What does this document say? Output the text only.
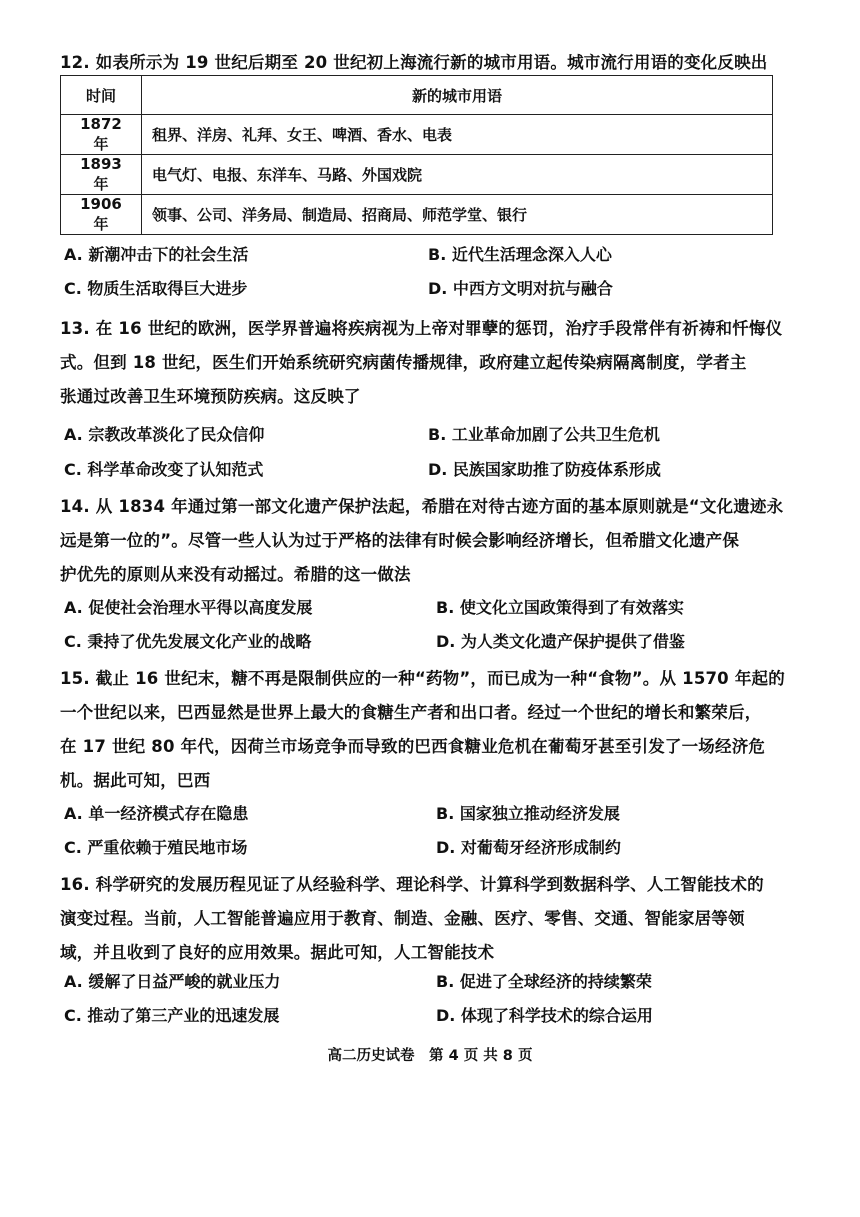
12. 如表所示为 19 世纪后期至 20 世纪初上海流行新的城市用语。城市流行用语的变化反映出
时间	新的城市用语
1872 年	租界、洋房、礼拜、女王、啤酒、香水、电表
1893 年	电气灯、电报、东洋车、马路、外国戏院
1906 年	领事、公司、洋务局、制造局、招商局、师范学堂、银行
A. 新潮冲击下的社会生活	B. 近代生活理念深入人心
C. 物质生活取得巨大进步	D. 中西方文明对抗与融合
13. 在 16 世纪的欧洲，医学界普遍将疾病视为上帝对罪孽的惩罚，治疗手段常伴有祈祷和忏悔仪
式。但到 18 世纪，医生们开始系统研究病菌传播规律，政府建立起传染病隔离制度，学者主
张通过改善卫生环境预防疾病。这反映了
A. 宗教改革淡化了民众信仰	B. 工业革命加剧了公共卫生危机
C. 科学革命改变了认知范式	D. 民族国家助推了防疫体系形成
14. 从 1834 年通过第一部文化遗产保护法起，希腊在对待古迹方面的基本原则就是“文化遗迹永
远是第一位的”。尽管一些人认为过于严格的法律有时候会影响经济增长，但希腊文化遗产保
护优先的原则从来没有动摇过。希腊的这一做法
A. 促使社会治理水平得以高度发展	B. 使文化立国政策得到了有效落实
C. 秉持了优先发展文化产业的战略	D. 为人类文化遗产保护提供了借鉴
15. 截止 16 世纪末，糖不再是限制供应的一种“药物”，而已成为一种“食物”。从 1570 年起的
一个世纪以来，巴西显然是世界上最大的食糖生产者和出口者。经过一个世纪的增长和繁荣后，
在 17 世纪 80 年代，因荷兰市场竞争而导致的巴西食糖业危机在葡萄牙甚至引发了一场经济危
机。据此可知，巴西
A. 单一经济模式存在隐患	B. 国家独立推动经济发展
C. 严重依赖于殖民地市场	D. 对葡萄牙经济形成制约
16. 科学研究的发展历程见证了从经验科学、理论科学、计算科学到数据科学、人工智能技术的
演变过程。当前，人工智能普遍应用于教育、制造、金融、医疗、零售、交通、智能家居等领
域，并且收到了良好的应用效果。据此可知，人工智能技术
A. 缓解了日益严峻的就业压力	B. 促进了全球经济的持续繁荣
C. 推动了第三产业的迅速发展	D. 体现了科学技术的综合运用
高二历史试卷　第 4 页 共 8 页
